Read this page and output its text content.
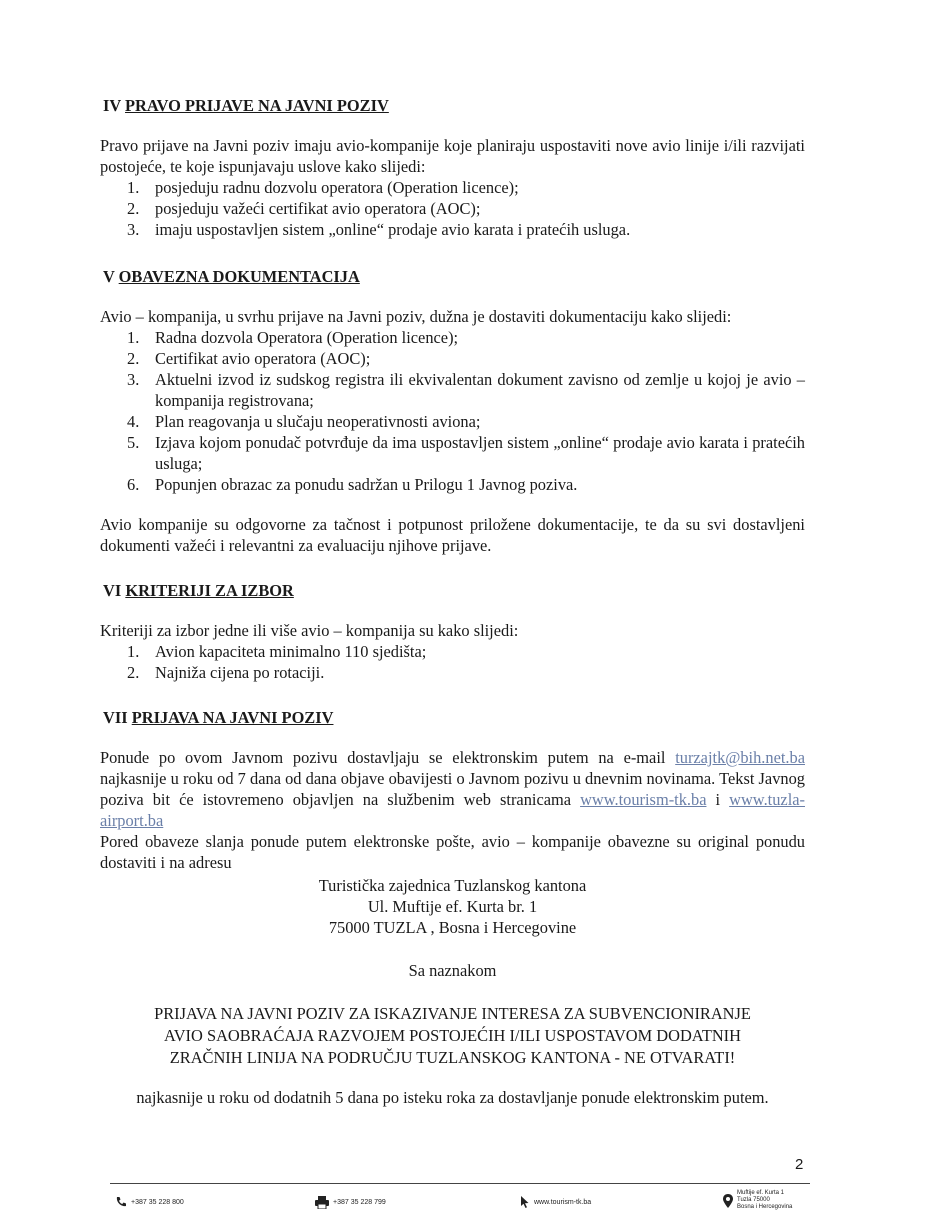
IV PRAVO PRIJAVE NA JAVNI POZIV

Pravo prijave na Javni poziv imaju avio-kompanije koje planiraju uspostaviti nove avio linije i/ili razvijati postojeće, te koje ispunjavaju uslove kako slijedi:

1. posjeduju radnu dozvolu operatora (Operation licence);
2. posjeduju važeći certifikat avio operatora (AOC);
3. imaju uspostavljen sistem „online“ prodaje avio karata i pratećih usluga.
V OBAVEZNA DOKUMENTACIJA

Avio – kompanija, u svrhu prijave na Javni poziv, dužna je dostaviti dokumentaciju kako slijedi:

1. Radna dozvola Operatora (Operation licence);
2. Certifikat avio operatora (AOC);
3. Aktuelni izvod iz sudskog registra ili ekvivalentan dokument zavisno od zemlje u kojoj je avio – kompanija registrovana;
4. Plan reagovanja u slučaju neoperativnosti aviona;
5. Izjava kojom ponudač potvrđuje da ima uspostavljen sistem „online“ prodaje avio karata i pratećih usluga;
6. Popunjen obrazac za ponudu sadržan u Prilogu 1 Javnog poziva.

Avio kompanije su odgovorne za tačnost i potpunost priložene dokumentacije, te da su svi dostavljeni dokumenti važeći i relevantni za evaluaciju njihove prijave.

VI KRITERIJI ZA IZBOR

Kriteriji za izbor jedne ili više avio – kompanija su kako slijedi:

1. Avion kapaciteta minimalno 110 sjedišta;
2. Najniža cijena po rotaciji.
VII PRIJAVA NA JAVNI POZIV

Ponude po ovom Javnom pozivu dostavljaju se elektronskim putem na e-mail turzajtk@bih.net.ba najkasnije u roku od 7 dana od dana objave obavijesti o Javnom pozivu u dnevnim novinama. Tekst Javnog poziva bit će istovremeno objavljen na službenim web stranicama www.tourism-tk.ba i www.tuzla-airport.ba

Pored obaveze slanja ponude putem elektronske pošte, avio – kompanije obavezne su original ponudu dostaviti i na adresu

Turistička zajednica Tuzlanskog kantona
Ul. Muftije ef. Kurta br. 1
75000 TUZLA , Bosna i Hercegovine

Sa naznakom

PRIJAVA NA JAVNI POZIV ZA ISKAZIVANJE INTERESA ZA SUBVENCIONIRANJE
AVIO SAOBRAĆAJA RAZVOJEM POSTOJEĆIH I/ILI USPOSTAVOM DODATNIH
ZRAČNIH LINIJA NA PODRUČJU TUZLANSKOG KANTONA - NE OTVARATI!

najkasnije u roku od dodatnih 5 dana po isteku roka za dostavljanje ponude elektronskim putem.

2
+387 35 228 800	+387 35 228 799	www.tourism-tk.ba
Muftije ef. Kurta 1
Tuzla 75000
Bosna i Hercegovina
